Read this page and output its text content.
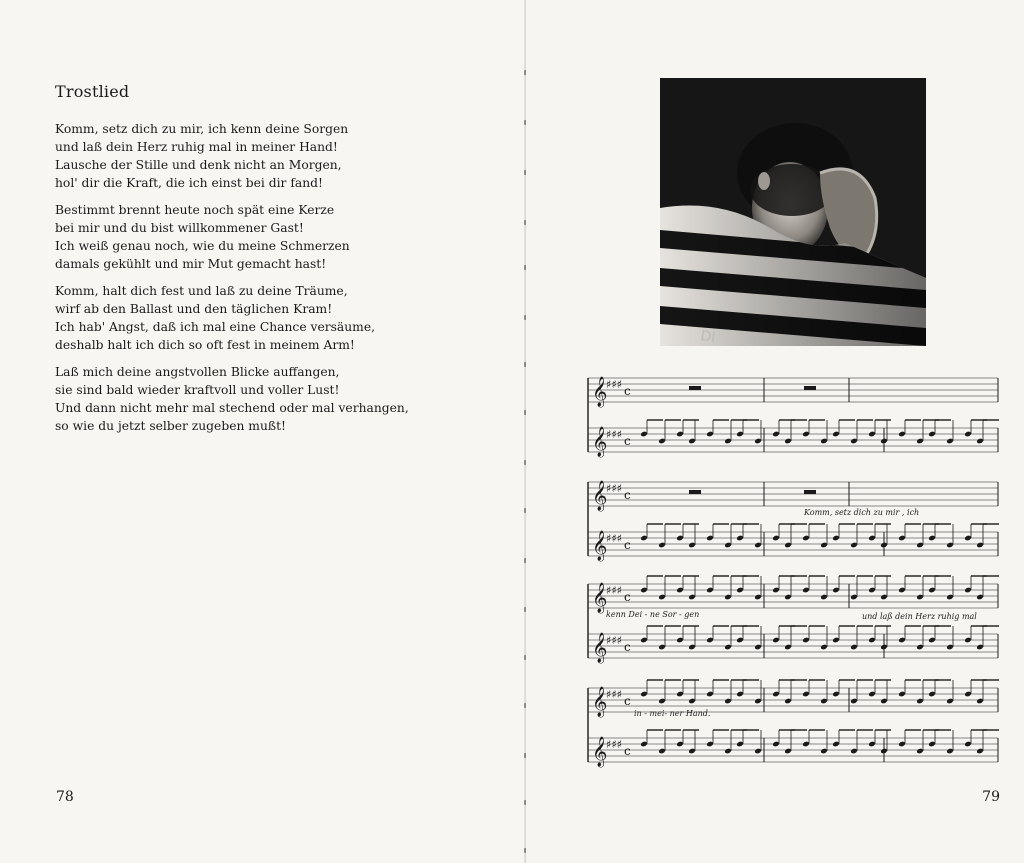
Trostlied
Komm, setz dich zu mir, ich kenn deine Sorgen
und laß dein Herz ruhig mal in meiner Hand!
Lausche der Stille und denk nicht an Morgen,
hol' dir die Kraft, die ich einst bei dir fand!
Bestimmt brennt heute noch spät eine Kerze
bei mir und du bist willkommener Gast!
Ich weiß genau noch, wie du meine Schmerzen
damals gekühlt und mir Mut gemacht hast!
Komm, halt dich fest und laß zu deine Träume,
wirf ab den Ballast und den täglichen Kram!
Ich hab' Angst, daß ich mal eine Chance versäume,
deshalb halt ich dich so oft fest in meinem Arm!
Laß mich deine angstvollen Blicke auffangen,
sie sind bald wieder kraftvoll und voller Lust!
Und dann nicht mehr mal stechend oder mal verhangen,
so wie du jetzt selber zugeben mußt!
78	79
DI
𝄞
♯♯♯ c
𝄞
♯♯♯ c
𝄞
♯♯♯ c
𝄞
♯♯♯ c
𝄞
♯♯♯ c
𝄞
♯♯♯ c
𝄞
♯♯♯ c
𝄞
♯♯♯ c
Komm, setz dich zu mir , ich
kenn Dei - ne Sor - gen	und laß dein Herz ruhig mal
in - mei- ner Hand.
